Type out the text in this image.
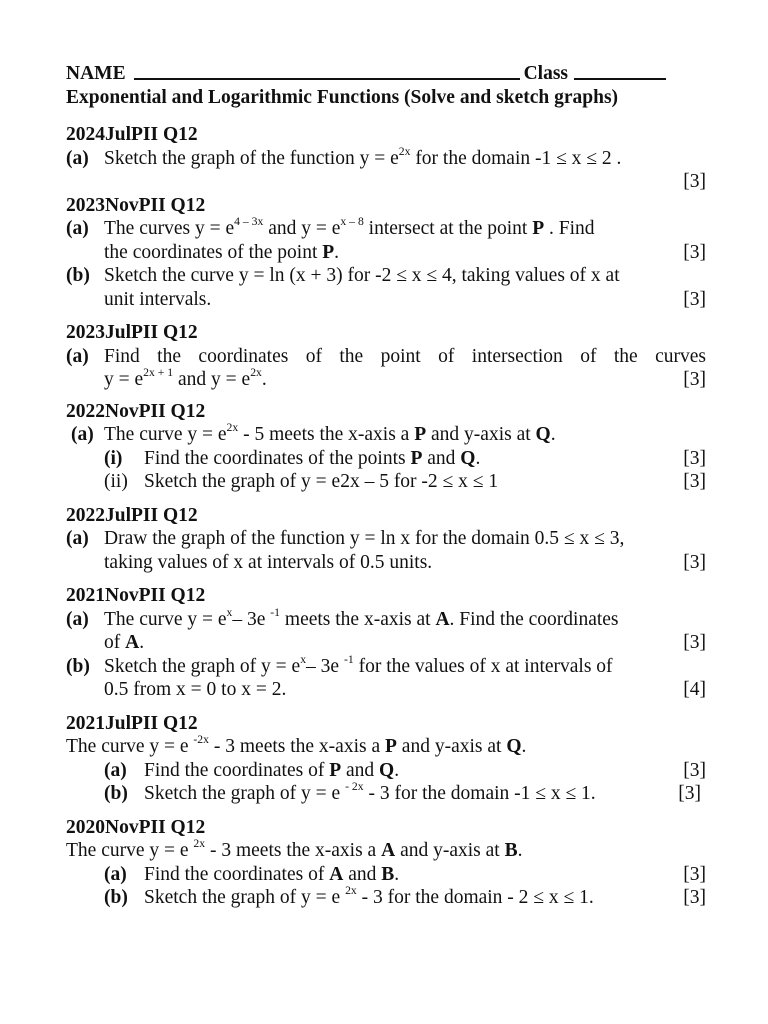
NAME	Class
Exponential and Logarithmic Functions (Solve and sketch graphs)
2024JulPII Q12
(a) Sketch the graph of the function $y = e^{2x}$ for the domain -1 ≤ x ≤ 2 .
[3]
2023NovPII Q12
(a) The curves $y = e^{4 - 3x}$ and $y = e^{x - 8}$ intersect at the point P . Find
the coordinates of the point P.	[3]
(b) Sketch the curve y = ln (x + 3) for -2 ≤ x ≤ 4, taking values of x at
unit intervals.	[3]
2023JulPII Q12
(a) Find the coordinates of the point of intersection of the curves
$y = e^{2x + 1}$ and $y = e^{2x}$.	[3]
2022NovPII Q12
(a) The curve $y = e^{2x} - 5$ meets the x-axis a P and y-axis at Q.
(i)	Find the coordinates of the points P and Q.	[3]
(ii) Sketch the graph of y = e2x – 5 for -2 ≤ x ≤ 1	[3]
2022JulPII Q12
(a) Draw the graph of the function y = ln x for the domain 0.5 ≤ x ≤ 3,
taking values of x at intervals of 0.5 units.	[3]
2021NovPII Q12
(a) The curve $y = e^x-$ 3e $^{-1}$ meets the x-axis at A. Find the coordinates
of A.	[3]
(b) Sketch the graph of $y = e^x-$ 3e $^{-1}$ for the values of x at intervals of
0.5 from x = 0 to x = 2.	[4]
2021JulPII Q12
The curve y = e $^{-2x}$ - 3 meets the x-axis a P and y-axis at Q.
(a) Find the coordinates of P and Q.	[3]
(b) Sketch the graph of y = e $^{- 2x}$ - 3 for the domain -1 ≤ x ≤ 1.	[3]
2020NovPII Q12
The curve y = e $^{2x}$ - 3 meets the x-axis a A and y-axis at B.
(a) Find the coordinates of A and B.	[3]
(b) Sketch the graph of y = e $^{2x}$ - 3 for the domain - 2 ≤ x ≤ 1.	[3]
